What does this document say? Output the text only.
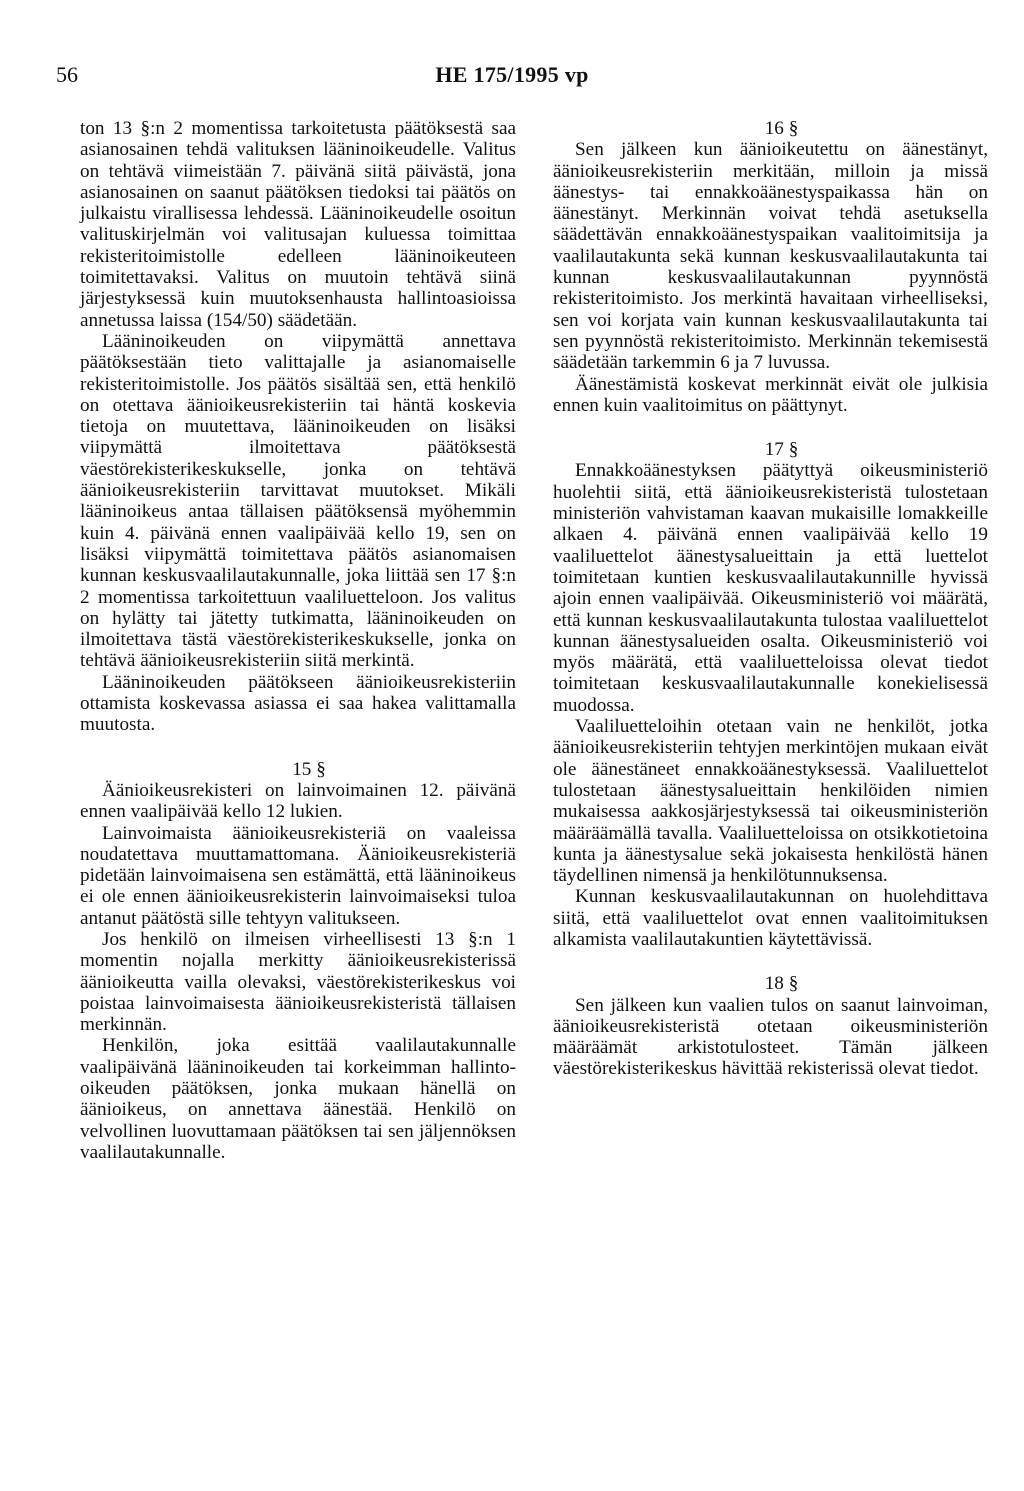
56	HE 175/1995 vp

ton 13 §:n 2 momentissa tarkoitetusta päätöksestä saa asianosainen tehdä valituksen lääninoikeudelle. Valitus on tehtävä viimeistään 7. päivänä siitä päivästä, jona asianosainen on saanut päätöksen tiedoksi tai päätös on julkaistu virallisessa lehdessä. Lääninoikeudelle osoitun valituskirjelmän voi valitusajan kuluessa toimittaa rekisteritoimistolle edelleen lääninoikeuteen toimitettavaksi. Valitus on muutoin tehtävä siinä järjestyksessä kuin muutoksenhausta hallintoasioissa annetussa laissa (154/50) säädetään.

Lääninoikeuden on viipymättä annettava päätöksestään tieto valittajalle ja asianomaiselle rekisteritoimistolle. Jos päätös sisältää sen, että henkilö on otettava äänioikeusrekisteriin tai häntä koskevia tietoja on muutettava, lääninoikeuden on lisäksi viipymättä ilmoitettava päätöksestä väestörekisterikeskukselle, jonka on tehtävä äänioikeusrekisteriin tarvittavat muutokset. Mikäli lääninoikeus antaa tällaisen päätöksensä myöhemmin kuin 4. päivänä ennen vaalipäivää kello 19, sen on lisäksi viipymättä toimitettava päätös asianomaisen kunnan keskusvaalilautakunnalle, joka liittää sen 17 §:n 2 momentissa tarkoitettuun vaaliluetteloon. Jos valitus on hylätty tai jätetty tutkimatta, lääninoikeuden on ilmoitettava tästä väestörekisterikeskukselle, jonka on tehtävä äänioikeusrekisteriin siitä merkintä.

Lääninoikeuden päätökseen äänioikeusrekisteriin ottamista koskevassa asiassa ei saa hakea valittamalla muutosta.

15 §

Äänioikeusrekisteri on lainvoimainen 12. päivänä ennen vaalipäivää kello 12 lukien.

Lainvoimaista äänioikeusrekisteriä on vaaleissa noudatettava muuttamattomana. Äänioikeusrekisteriä pidetään lainvoimaisena sen estämättä, että lääninoikeus ei ole ennen äänioikeusrekisterin lainvoimaiseksi tuloa antanut päätöstä sille tehtyyn valitukseen.

Jos henkilö on ilmeisen virheellisesti 13 §:n 1 momentin nojalla merkitty äänioikeusrekisterissä äänioikeutta vailla olevaksi, väestörekisterikeskus voi poistaa lainvoimaisesta äänioikeusrekisteristä tällaisen merkinnän.

Henkilön, joka esittää vaalilautakunnalle vaalipäivänä lääninoikeuden tai korkeimman hallinto-oikeuden päätöksen, jonka mukaan hänellä on äänioikeus, on annettava äänestää. Henkilö on velvollinen luovuttamaan päätöksen tai sen jäljennöksen vaalilautakunnalle.

16 §

Sen jälkeen kun äänioikeutettu on äänestänyt, äänioikeusrekisteriin merkitään, milloin ja missä äänestys- tai ennakkoäänestyspaikassa hän on äänestänyt. Merkinnän voivat tehdä asetuksella säädettävän ennakkoäänestyspaikan vaalitoimitsija ja vaalilautakunta sekä kunnan keskusvaalilautakunta tai kunnan keskusvaalilautakunnan pyynnöstä rekisteritoimisto. Jos merkintä havaitaan virheelliseksi, sen voi korjata vain kunnan keskusvaalilautakunta tai sen pyynnöstä rekisteritoimisto. Merkinnän tekemisestä säädetään tarkemmin 6 ja 7 luvussa.

Äänestämistä koskevat merkinnät eivät ole julkisia ennen kuin vaalitoimitus on päättynyt.

17 §

Ennakkoäänestyksen päätyttyä oikeusministeriö huolehtii siitä, että äänioikeusrekisteristä tulostetaan ministeriön vahvistaman kaavan mukaisille lomakkeille alkaen 4. päivänä ennen vaalipäivää kello 19 vaaliluettelot äänestysalueittain ja että luettelot toimitetaan kuntien keskusvaalilautakunnille hyvissä ajoin ennen vaalipäivää. Oikeusministeriö voi määrätä, että kunnan keskusvaalilautakunta tulostaa vaaliluettelot kunnan äänestysalueiden osalta. Oikeusministeriö voi myös määrätä, että vaaliluetteloissa olevat tiedot toimitetaan keskusvaalilautakunnalle konekielisessä muodossa.

Vaaliluetteloihin otetaan vain ne henkilöt, jotka äänioikeusrekisteriin tehtyjen merkintöjen mukaan eivät ole äänestäneet ennakkoäänestyksessä. Vaaliluettelot tulostetaan äänestysalueittain henkilöiden nimien mukaisessa aakkosjärjestyksessä tai oikeusministeriön määräämällä tavalla. Vaaliluetteloissa on otsikkotietoina kunta ja äänestysalue sekä jokaisesta henkilöstä hänen täydellinen nimensä ja henkilötunnuksensa.

Kunnan keskusvaalilautakunnan on huolehdittava siitä, että vaaliluettelot ovat ennen vaalitoimituksen alkamista vaalilautakuntien käytettävissä.

18 §

Sen jälkeen kun vaalien tulos on saanut lainvoiman, äänioikeusrekisteristä otetaan oikeusministeriön määräämät arkistotulosteet. Tämän jälkeen väestörekisterikeskus hävittää rekisterissä olevat tiedot.
